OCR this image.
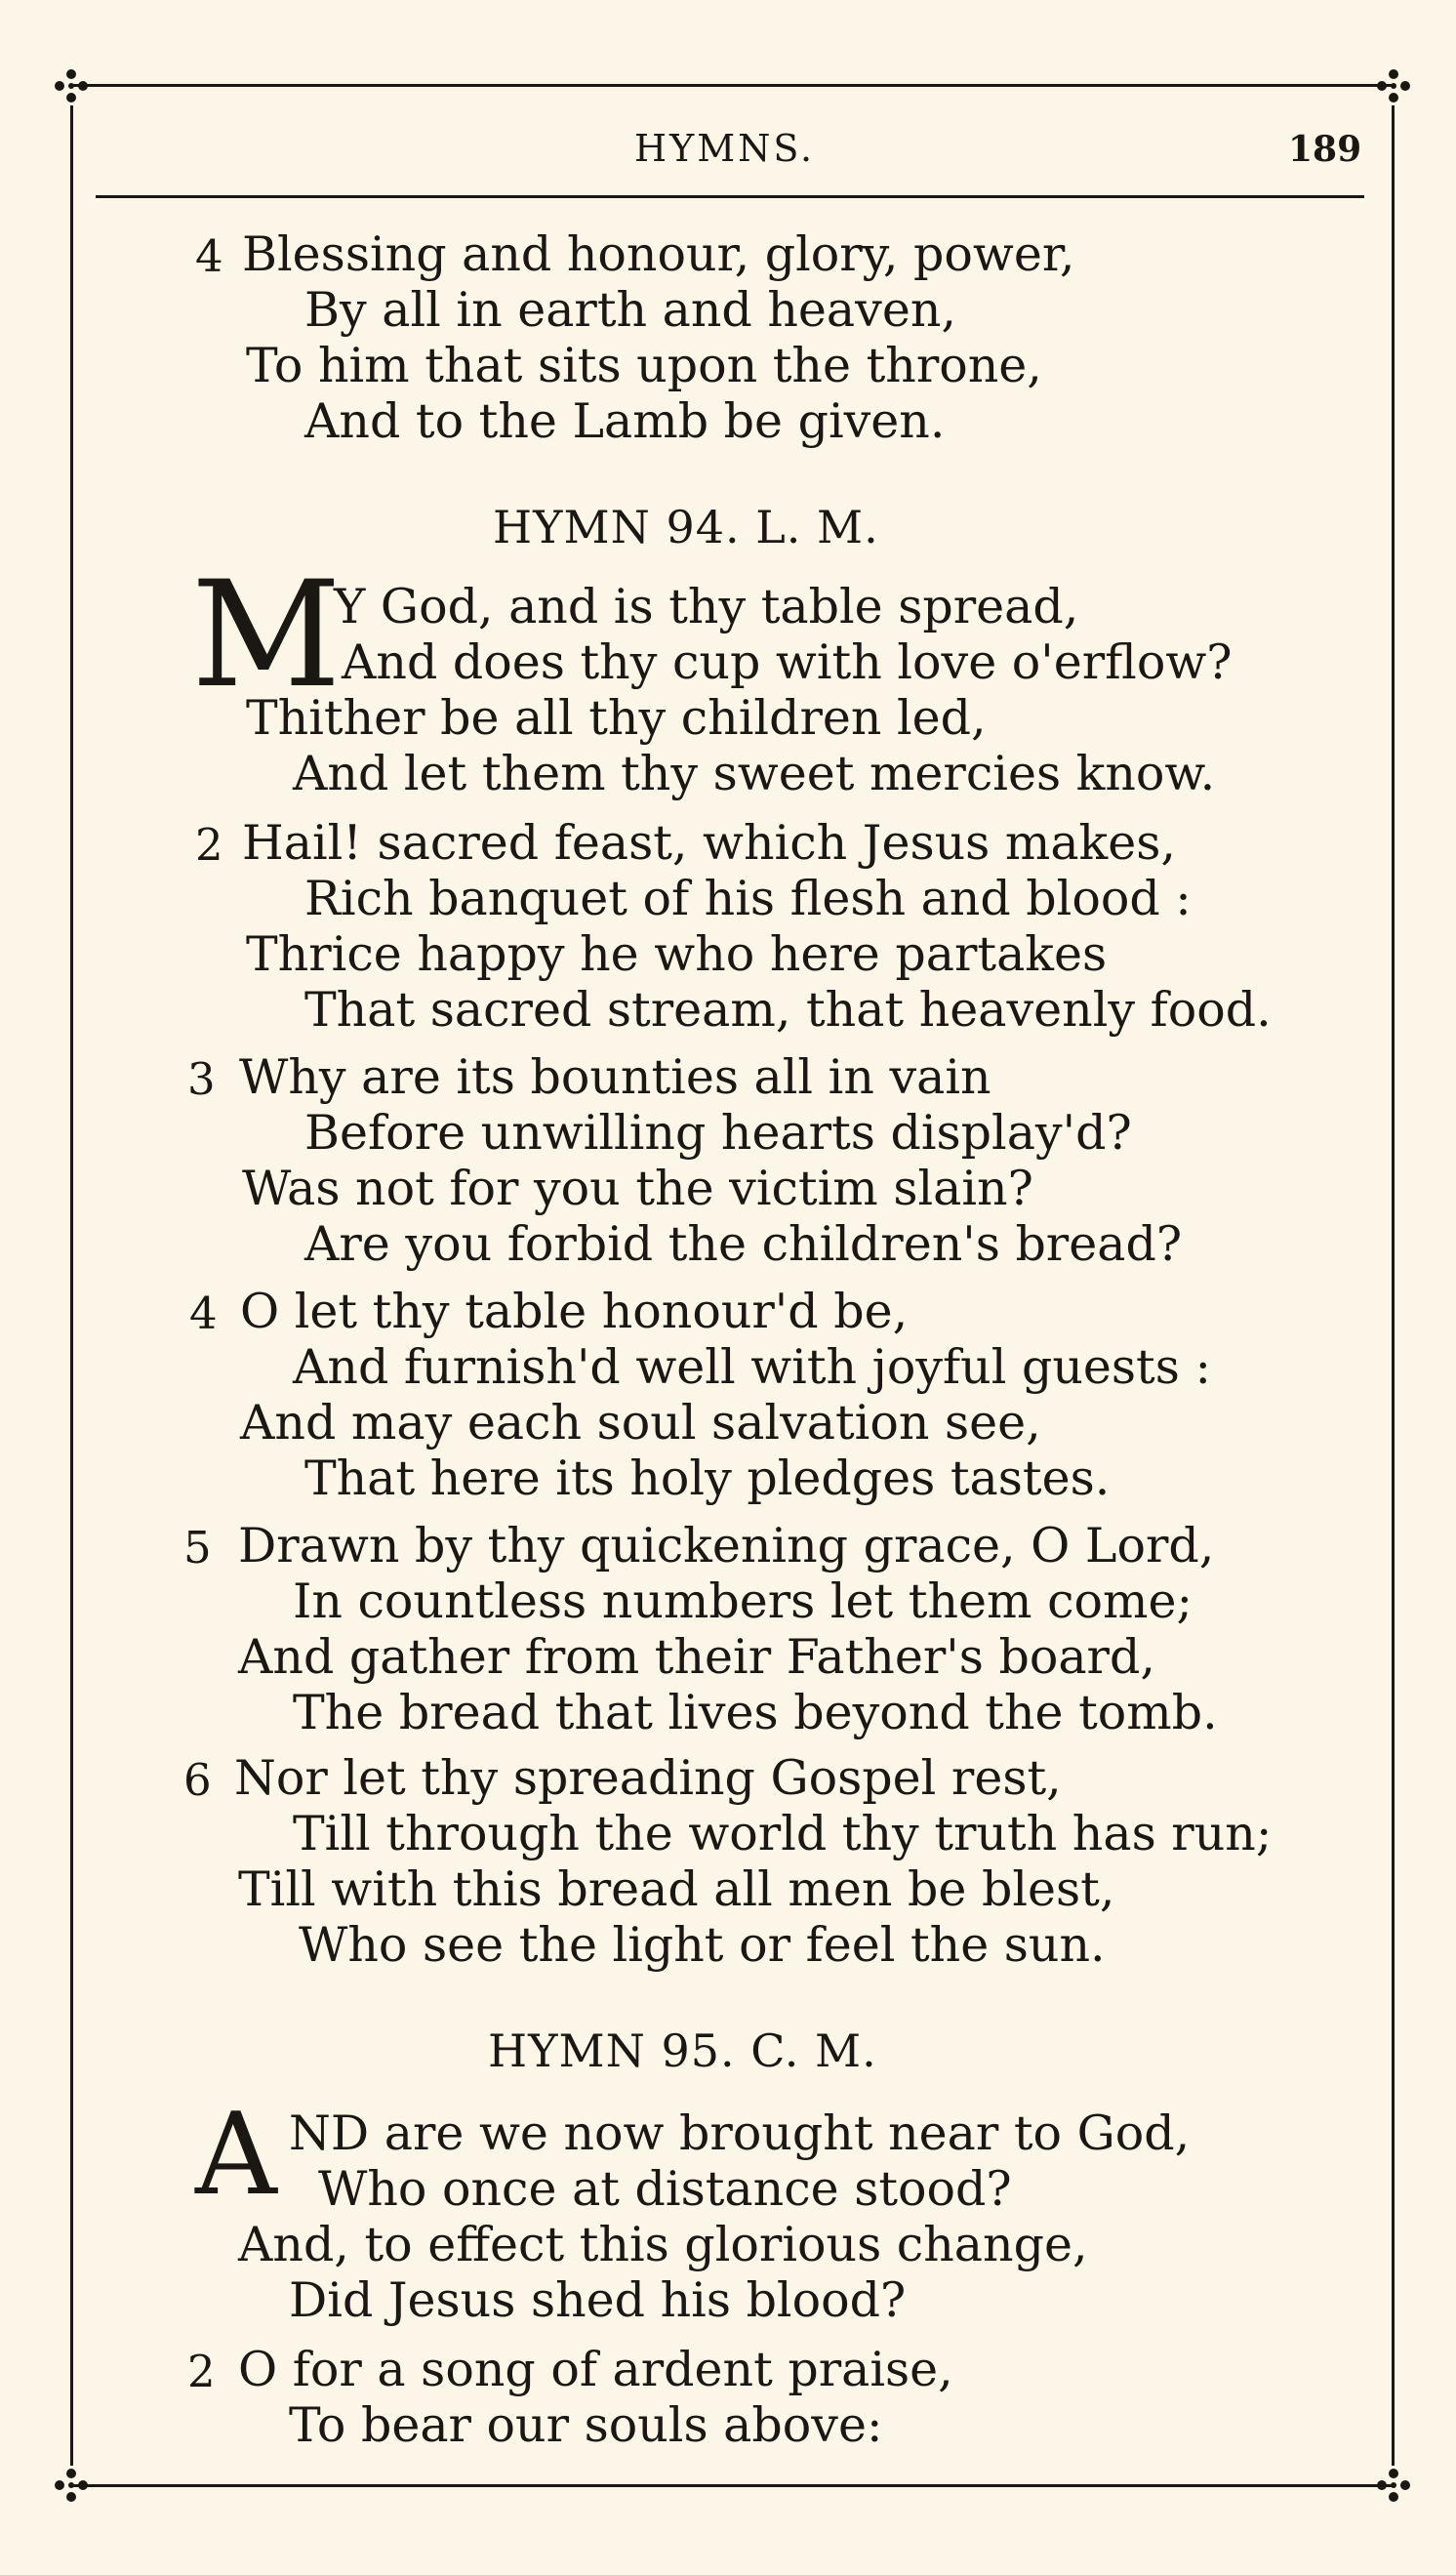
HYMNS.	189
4 Blessing and honour, glory, power,
By all in earth and heaven,
To him that sits upon the throne,
And to the Lamb be given.
HYMN 94. L. M.
M
Y God, and is thy table spread,
And does thy cup with love o'erflow?
Thither be all thy children led,
And let them thy sweet mercies know.
2 Hail! sacred feast, which Jesus makes,
Rich banquet of his flesh and blood :
Thrice happy he who here partakes
That sacred stream, that heavenly food.
3 Why are its bounties all in vain
Before unwilling hearts display'd?
Was not for you the victim slain?
Are you forbid the children's bread?
4 O let thy table honour'd be,
And furnish'd well with joyful guests :
And may each soul salvation see,
That here its holy pledges tastes.
5 Drawn by thy quickening grace, O Lord,
In countless numbers let them come;
And gather from their Father's board,
The bread that lives beyond the tomb.
6 Nor let thy spreading Gospel rest,
Till through the world thy truth has run;
Till with this bread all men be blest,
Who see the light or feel the sun.
HYMN 95. C. M.
A ND are we now brought near to God,
Who once at distance stood?
And, to effect this glorious change,
Did Jesus shed his blood?
2 O for a song of ardent praise,
To bear our souls above:
